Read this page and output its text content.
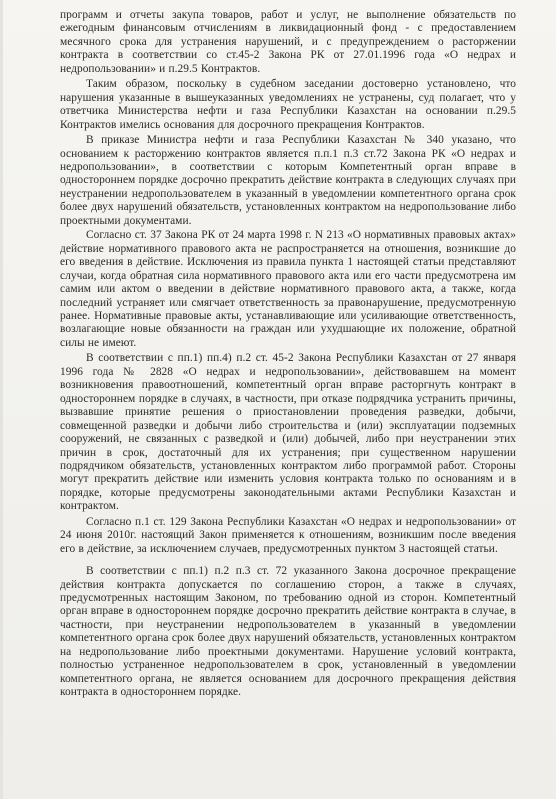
программ и отчеты закупа товаров, работ и услуг, не выполнение обязательств по ежегодным финансовым отчислениям в ликвидационный фонд - с предоставлением месячного срока для устранения нарушений, и с предупреждением о расторжении контракта в соответствии со ст.45-2 Закона РК от 27.01.1996 года «О недрах и недропользовании» и п.29.5 Контрактов.

Таким образом, поскольку в судебном заседании достоверно установлено, что нарушения указанные в вышеуказанных уведомлениях не устранены, суд полагает, что у ответчика Министерства нефти и газа Республики Казахстан на основании п.29.5 Контрактов имелись основания для досрочного прекращения Контрактов.

В приказе Министра нефти и газа Республики Казахстан № 340 указано, что основанием к расторжению контрактов является п.п.1 п.3 ст.72 Закона РК «О недрах и недропользовании», в соответствии с которым Компетентный орган вправе в одностороннем порядке досрочно прекратить действие контракта в следующих случаях при неустранении недропользователем в указанный в уведомлении компетентного органа срок более двух нарушений обязательств, установленных контрактом на недропользование либо проектными документами.

Согласно ст. 37 Закона РК от 24 марта 1998 г. N 213 «О нормативных правовых актах» действие нормативного правового акта не распространяется на отношения, возникшие до его введения в действие. Исключения из правила пункта 1 настоящей статьи представляют случаи, когда обратная сила нормативного правового акта или его части предусмотрена им самим или актом о введении в действие нормативного правового акта, а также, когда последний устраняет или смягчает ответственность за правонарушение, предусмотренную ранее. Нормативные правовые акты, устанавливающие или усиливающие ответственность, возлагающие новые обязанности на граждан или ухудшающие их положение, обратной силы не имеют.

В соответствии с пп.1) пп.4) п.2 ст. 45-2 Закона Республики Казахстан от 27 января 1996 года № 2828 «О недрах и недропользовании», действовавшем на момент возникновения правоотношений, компетентный орган вправе расторгнуть контракт в одностороннем порядке в случаях, в частности, при отказе подрядчика устранить причины, вызвавшие принятие решения о приостановлении проведения разведки, добычи, совмещенной разведки и добычи либо строительства и (или) эксплуатации подземных сооружений, не связанных с разведкой и (или) добычей, либо при неустранении этих причин в срок, достаточный для их устранения; при существенном нарушении подрядчиком обязательств, установленных контрактом либо программой работ. Стороны могут прекратить действие или изменить условия контракта только по основаниям и в порядке, которые предусмотрены законодательными актами Республики Казахстан и контрактом.

Согласно п.1 ст. 129 Закона Республики Казахстан «О недрах и недропользовании» от 24 июня 2010г. настоящий Закон применяется к отношениям, возникшим после введения его в действие, за исключением случаев, предусмотренных пунктом 3 настоящей статьи.

В соответствии с пп.1) п.2 п.3 ст. 72 указанного Закона досрочное прекращение действия контракта допускается по соглашению сторон, а также в случаях, предусмотренных настоящим Законом, по требованию одной из сторон. Компетентный орган вправе в одностороннем порядке досрочно прекратить действие контракта в случае, в частности, при неустранении недропользователем в указанный в уведомлении компетентного органа срок более двух нарушений обязательств, установленных контрактом на недропользование либо проектными документами. Нарушение условий контракта, полностью устраненное недропользователем в срок, установленный в уведомлении компетентного органа, не является основанием для досрочного прекращения действия контракта в одностороннем порядке.
